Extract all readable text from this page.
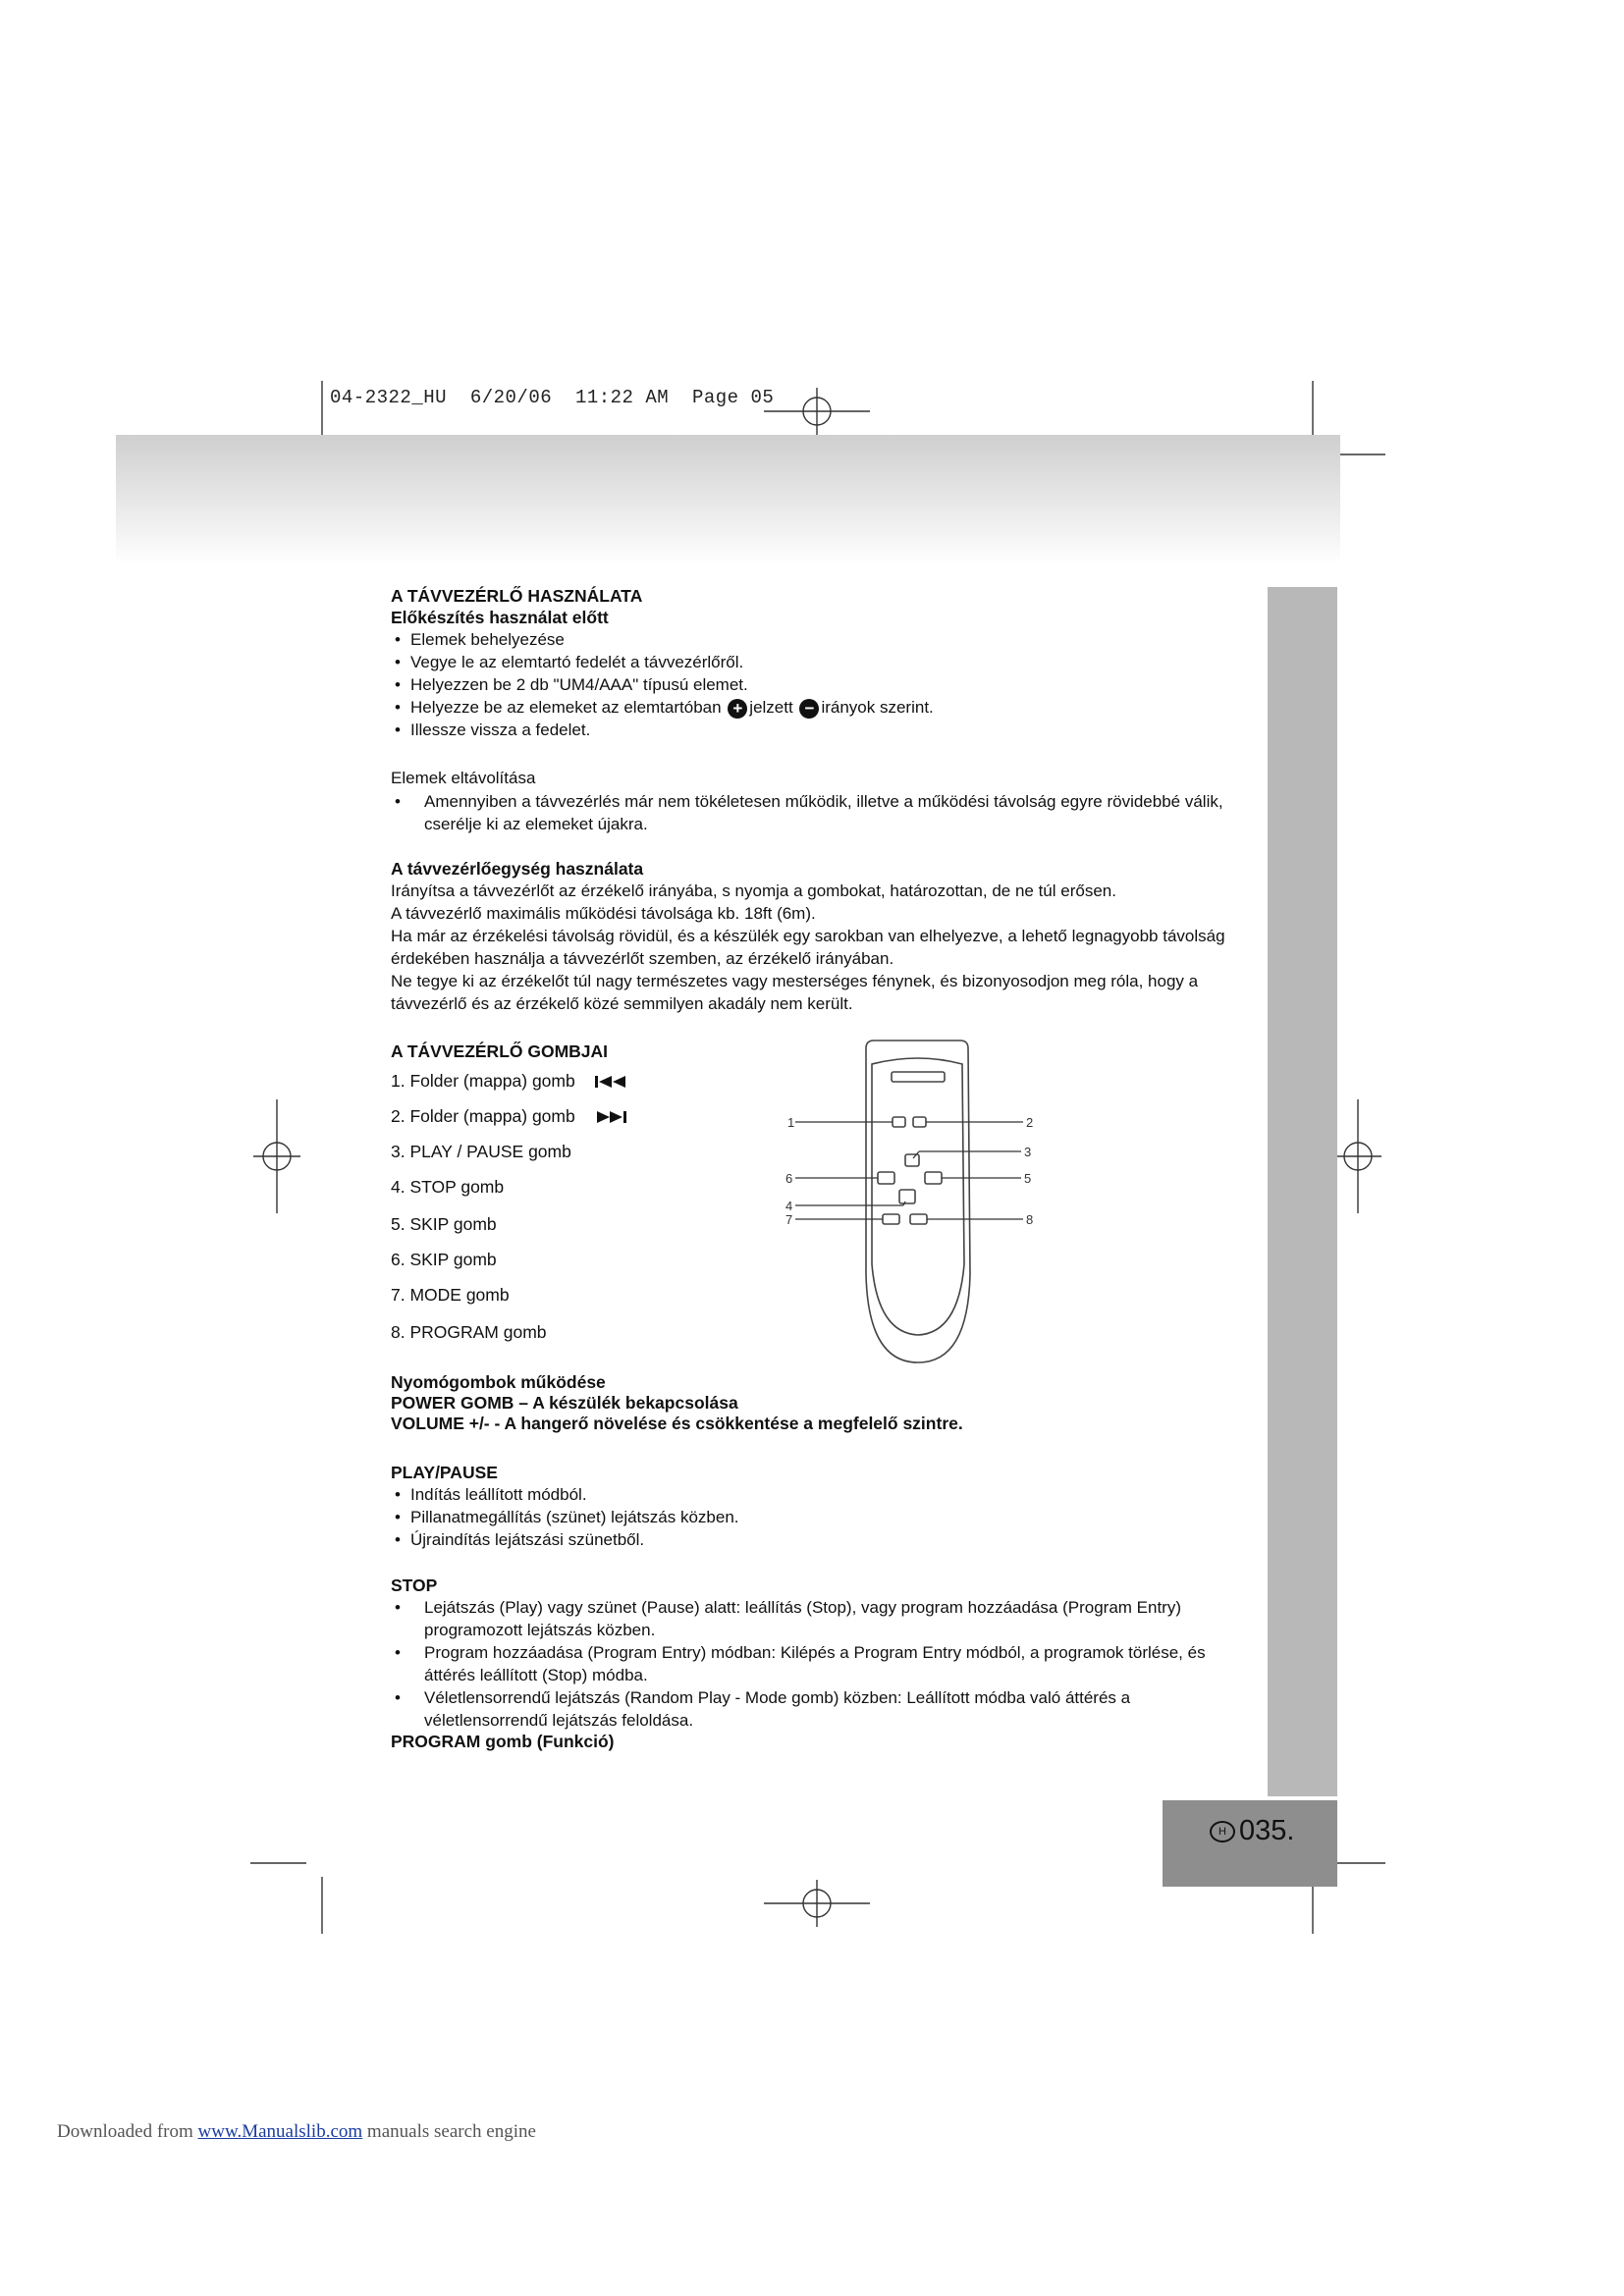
04-2322_HU  6/20/06  11:22 AM  Page 05
H 035.
A TÁVVEZÉRLŐ HASZNÁLATA
Előkészítés használat előtt
• Elemek behelyezése
• Vegye le az elemtartó fedelét a távvezérlőről.
• Helyezzen be 2 db "UM4/AAA" típusú elemet.
• Helyezze be az elemeket az elemtartóban + jelzett − irányok szerint.
• Illessze vissza a fedelet.
Elemek eltávolítása
• Amennyiben a távvezérlés már nem tökéletesen működik, illetve a működési távolság egyre rövidebbé válik, cserélje ki az elemeket újakra.
A távvezérlőegység használata
Irányítsa a távvezérlőt az érzékelő irányába, s nyomja a gombokat, határozottan, de ne túl erősen.
A távvezérlő maximális működési távolsága kb. 18ft (6m).
Ha már az érzékelési távolság rövidül, és a készülék egy sarokban van elhelyezve, a lehető legnagyobb távolság érdekében használja a távvezérlőt szemben, az érzékelő irányában.
Ne tegye ki az érzékelőt túl nagy természetes vagy mesterséges fénynek, és bizonyosodjon meg róla, hogy a távvezérlő és az érzékelő közé semmilyen akadály nem került.
A TÁVVEZÉRLŐ GOMBJAI
1. Folder (mappa) gomb
2. Folder (mappa) gomb
3. PLAY / PAUSE gomb
4. STOP gomb
5. SKIP gomb
6. SKIP gomb
7. MODE gomb
8. PROGRAM gomb
1	2
3
4
5
6
7	8
Nyomógombok működése
POWER GOMB – A készülék bekapcsolása
VOLUME +/- - A hangerő növelése és csökkentése a megfelelő szintre.
PLAY/PAUSE
• Indítás leállított módból.
• Pillanatmegállítás (szünet) lejátszás közben.
• Újraindítás lejátszási szünetből.
STOP
• Lejátszás (Play) vagy szünet (Pause) alatt: leállítás (Stop), vagy program hozzáadása (Program Entry) programozott lejátszás közben.
• Program hozzáadása (Program Entry) módban: Kilépés a Program Entry módból, a programok törlése, és áttérés leállított (Stop) módba.
• Véletlensorrendű lejátszás (Random Play - Mode gomb) közben: Leállított módba való áttérés a véletlensorrendű lejátszás feloldása.
PROGRAM gomb (Funkció)
Downloaded from www.Manualslib.com manuals search engine
